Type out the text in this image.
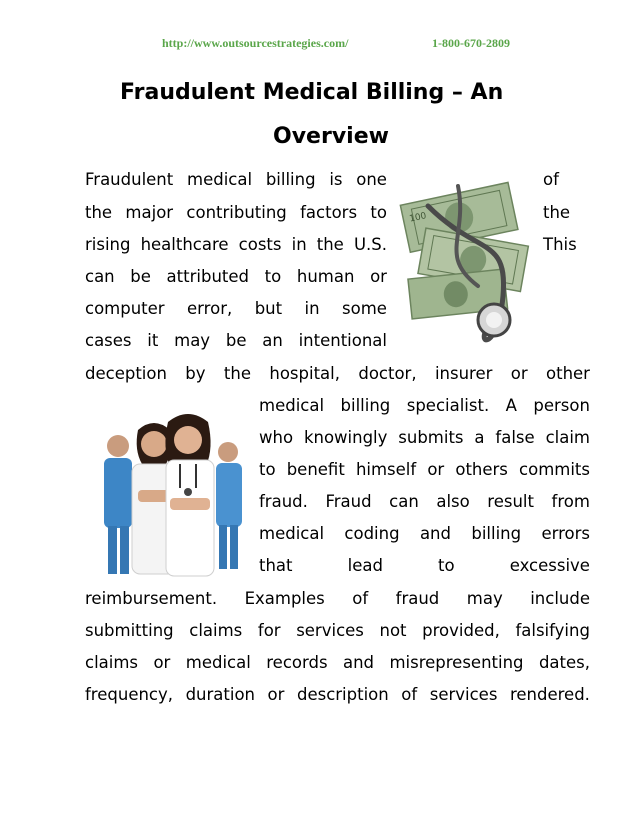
http://www.outsourcestrategies.com/	1-800-670-2809
Fraudulent Medical Billing – An
Overview
100
Fraudulent medical billing is one	of
the major contributing factors to	the
rising healthcare costs in the U.S.	This
can be attributed to human or
computer error, but in some
cases it may be an intentional
deception by the hospital, doctor, insurer or other
medical billing specialist. A person
who knowingly submits a false claim
to benefit himself or others commits
fraud. Fraud can also result from
medical coding and billing errors
that	lead	to	excessive
reimbursement. Examples of fraud may include
submitting claims for services not provided, falsifying
claims or medical records and misrepresenting dates,
frequency, duration or description of services rendered.
